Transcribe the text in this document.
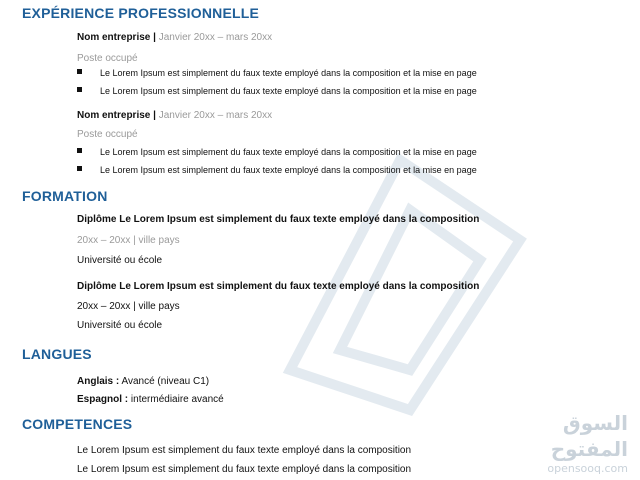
السوق المفتوح
opensooq.com
EXPÉRIENCE PROFESSIONNELLE
Nom entreprise | Janvier 20xx – mars 20xx
Poste occupé
Le Lorem Ipsum est simplement du faux texte employé dans la composition et la mise en page
Le Lorem Ipsum est simplement du faux texte employé dans la composition et la mise en page
Nom entreprise | Janvier 20xx – mars 20xx
Poste occupé
Le Lorem Ipsum est simplement du faux texte employé dans la composition et la mise en page
Le Lorem Ipsum est simplement du faux texte employé dans la composition et la mise en page
FORMATION
Diplôme Le Lorem Ipsum est simplement du faux texte employé dans la composition
20xx – 20xx | ville pays
Université ou école
Diplôme Le Lorem Ipsum est simplement du faux texte employé dans la composition
20xx – 20xx | ville pays
Université ou école
LANGUES
Anglais : Avancé (niveau C1)
Espagnol : intermédiaire avancé
COMPETENCES
Le Lorem Ipsum est simplement du faux texte employé dans la composition
Le Lorem Ipsum est simplement du faux texte employé dans la composition
